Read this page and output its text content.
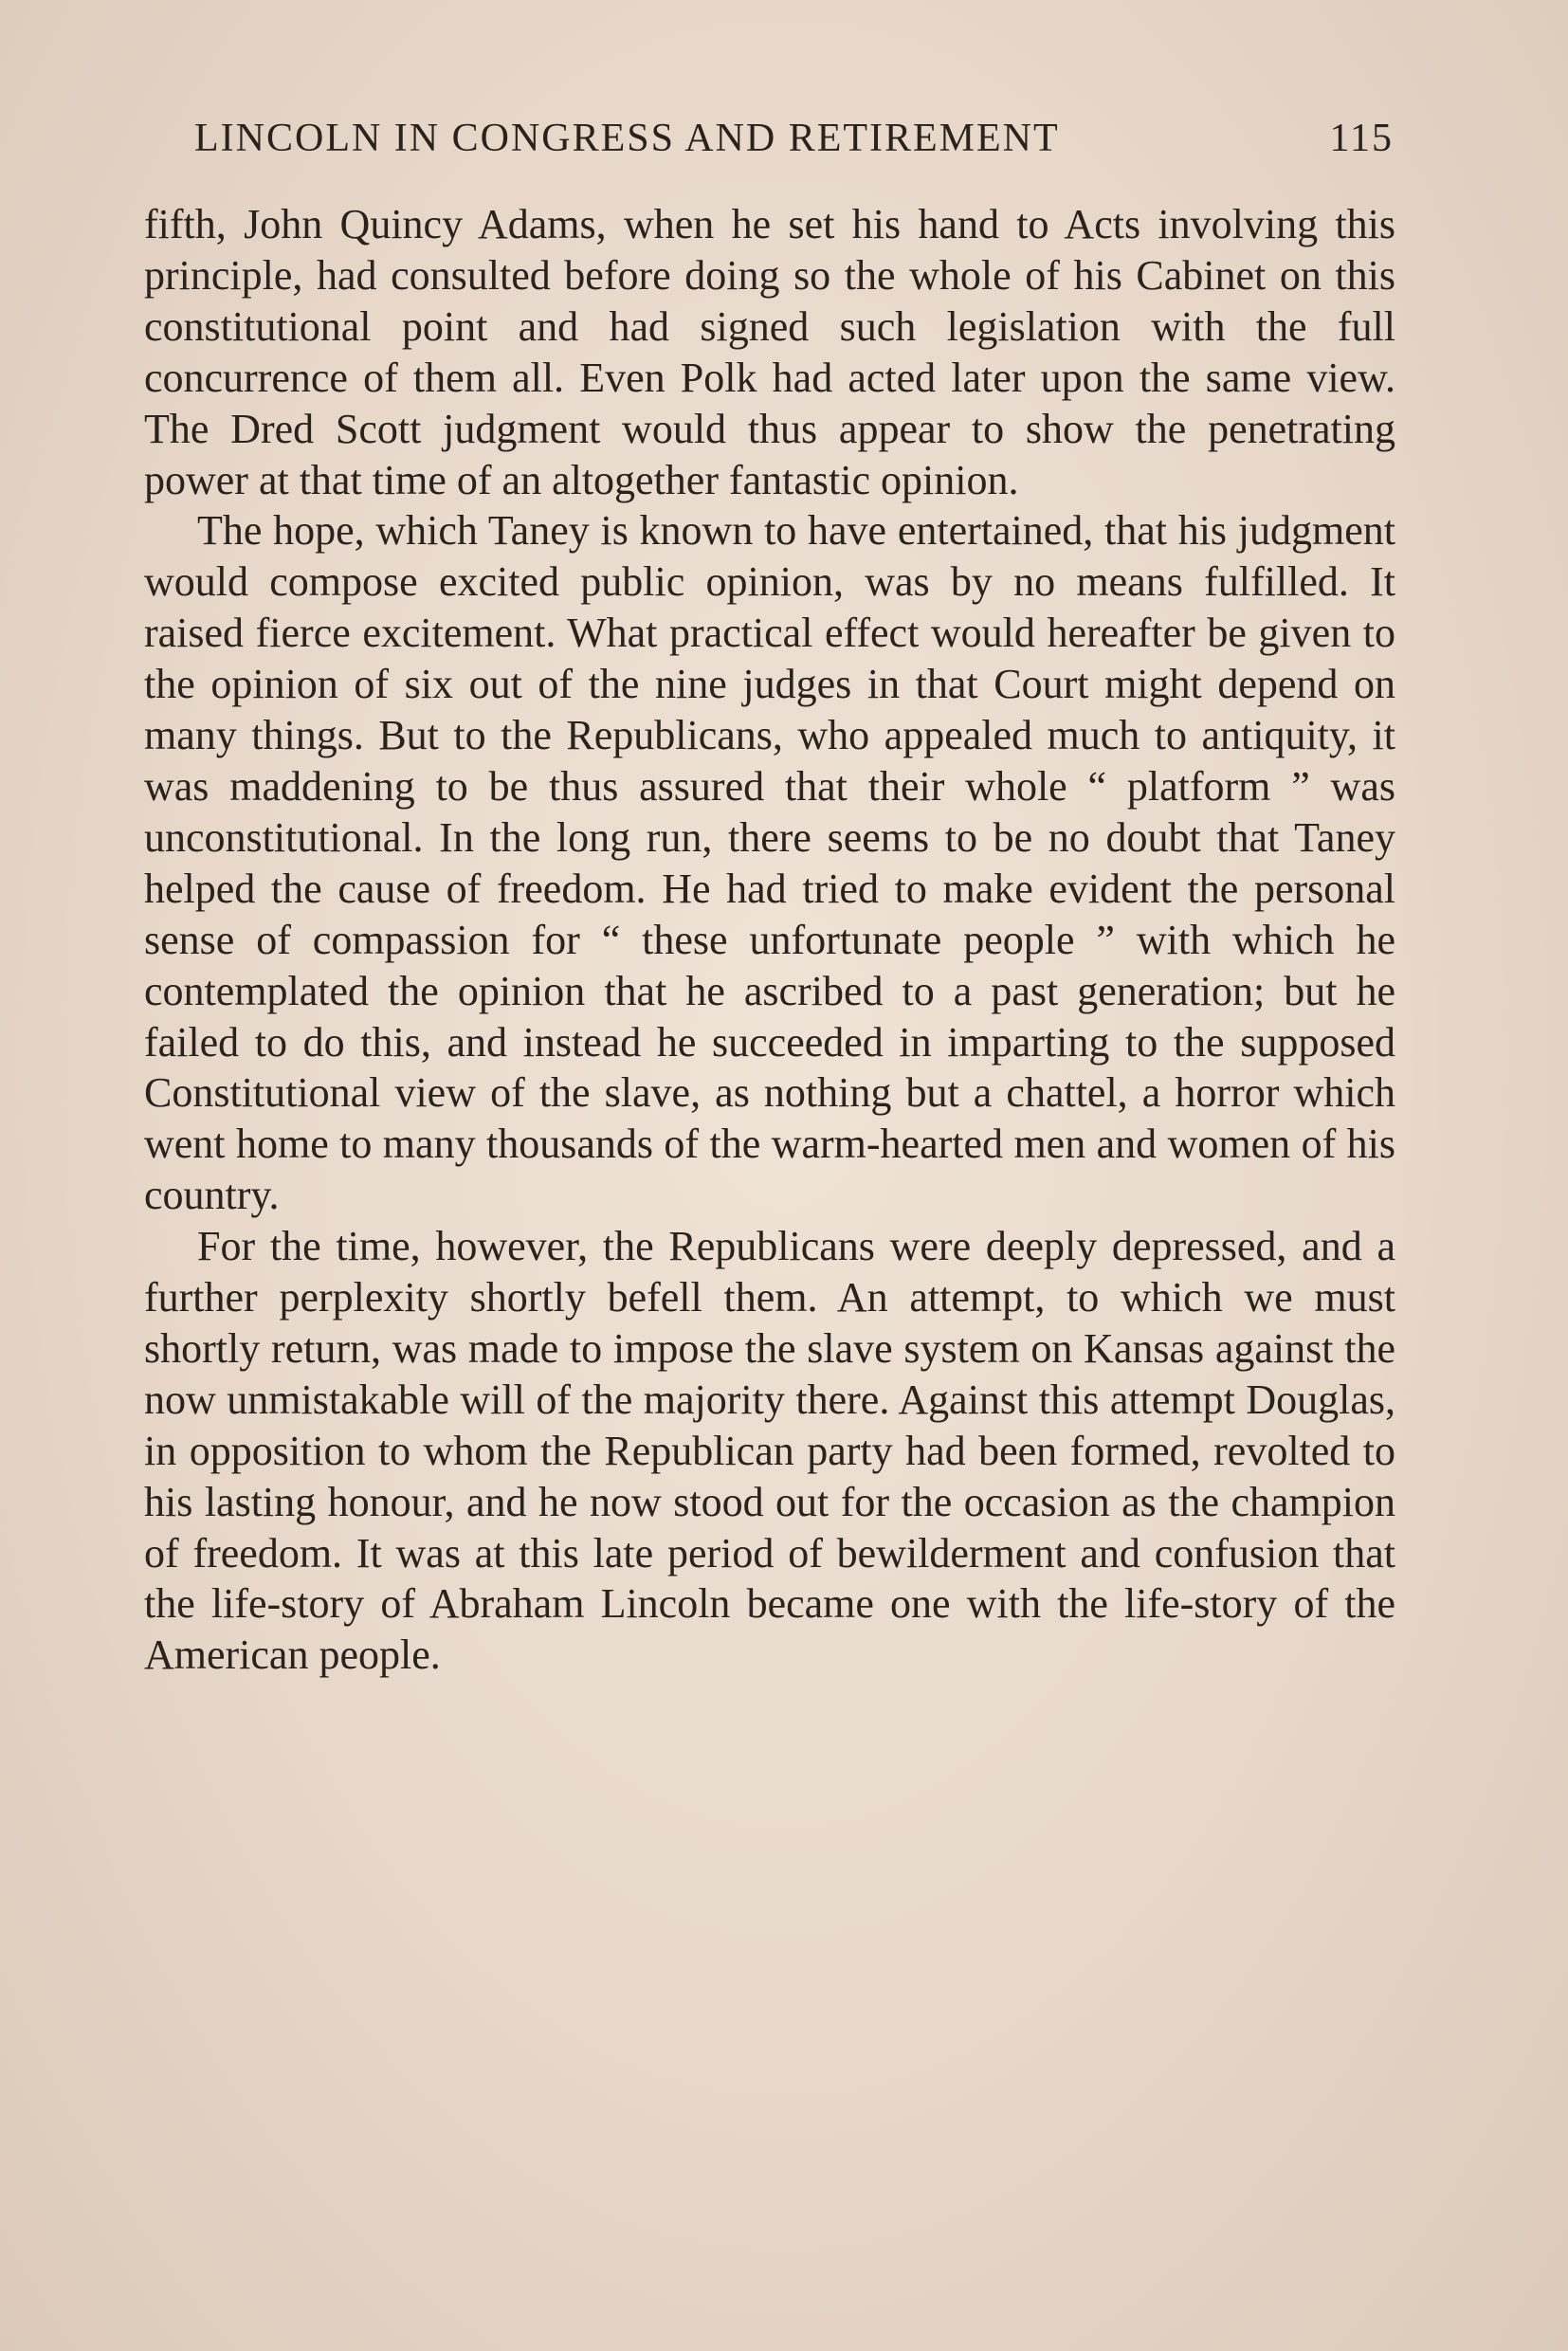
LINCOLN IN CONGRESS AND RETIREMENT	115

fifth, John Quincy Adams, when he set his hand to Acts involving this principle, had consulted before doing so the whole of his Cabinet on this constitutional point and had signed such legislation with the full concurrence of them all. Even Polk had acted later upon the same view. The Dred Scott judgment would thus appear to show the penetrating power at that time of an altogether fantastic opinion.

The hope, which Taney is known to have entertained, that his judgment would compose excited public opinion, was by no means fulfilled. It raised fierce excitement. What practical effect would hereafter be given to the opinion of six out of the nine judges in that Court might depend on many things. But to the Republicans, who appealed much to antiquity, it was maddening to be thus assured that their whole “ platform ” was unconstitutional. In the long run, there seems to be no doubt that Taney helped the cause of freedom. He had tried to make evident the personal sense of compassion for “ these unfortunate people ” with which he contemplated the opinion that he ascribed to a past generation; but he failed to do this, and instead he succeeded in imparting to the supposed Constitutional view of the slave, as nothing but a chattel, a horror which went home to many thousands of the warm-hearted men and women of his country.

For the time, however, the Republicans were deeply depressed, and a further perplexity shortly befell them. An attempt, to which we must shortly return, was made to impose the slave system on Kansas against the now unmistakable will of the majority there. Against this attempt Douglas, in opposition to whom the Republican party had been formed, revolted to his lasting honour, and he now stood out for the occasion as the champion of freedom. It was at this late period of bewilderment and confusion that the life-story of Abraham Lincoln became one with the life-story of the American people.
